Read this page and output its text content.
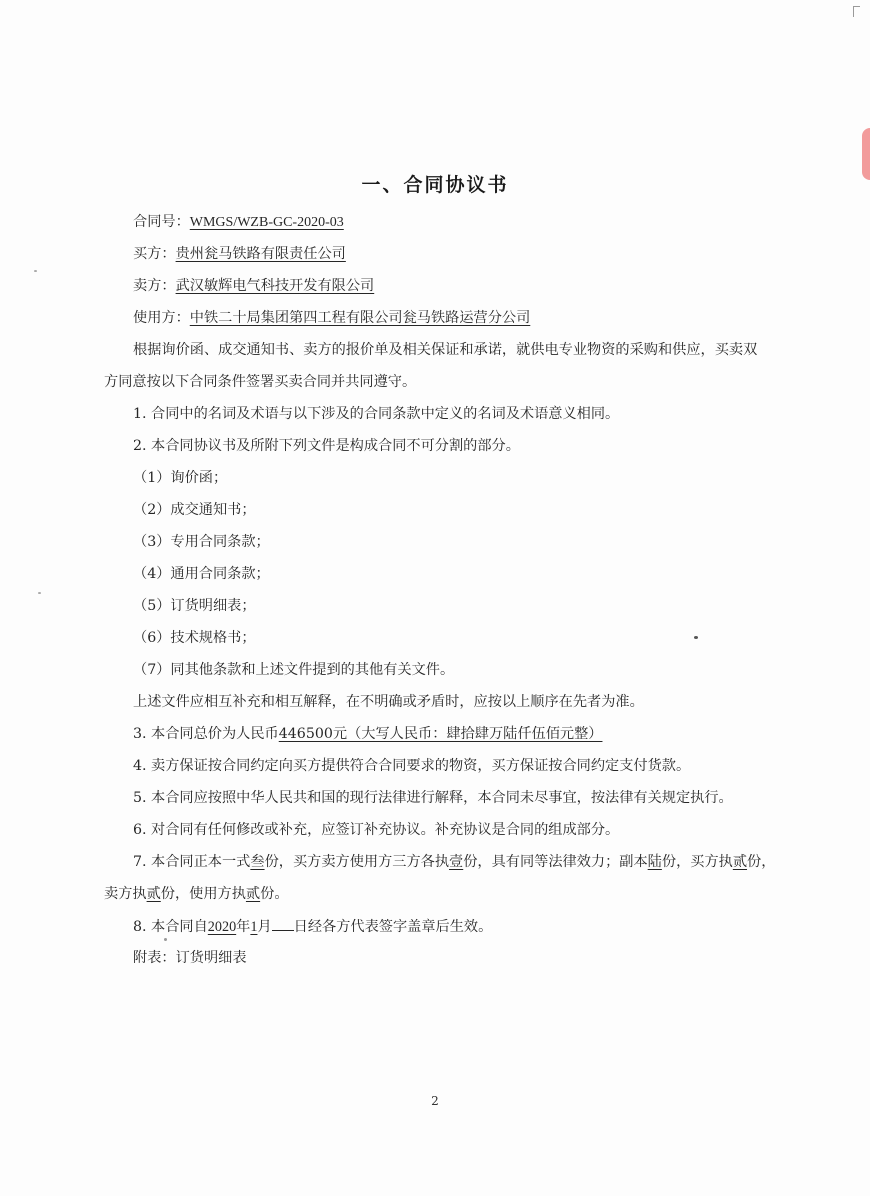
一、合同协议书
合同号：WMGS/WZB-GC-2020-03
买方：贵州瓮马铁路有限责任公司
卖方：武汉敏辉电气科技开发有限公司
使用方：中铁二十局集团第四工程有限公司瓮马铁路运营分公司
根据询价函、成交通知书、卖方的报价单及相关保证和承诺，就供电专业物资的采购和供应，买卖双
方同意按以下合同条件签署买卖合同并共同遵守。
1. 合同中的名词及术语与以下涉及的合同条款中定义的名词及术语意义相同。
2. 本合同协议书及所附下列文件是构成合同不可分割的部分。
（1）询价函；
（2）成交通知书；
（3）专用合同条款；
（4）通用合同条款；
（5）订货明细表；
（6）技术规格书；
（7）同其他条款和上述文件提到的其他有关文件。
上述文件应相互补充和相互解释，在不明确或矛盾时，应按以上顺序在先者为准。
3. 本合同总价为人民币446500元（大写人民币：肆拾肆万陆仟伍佰元整）
4. 卖方保证按合同约定向买方提供符合合同要求的物资，买方保证按合同约定支付货款。
5. 本合同应按照中华人民共和国的现行法律进行解释，本合同未尽事宜，按法律有关规定执行。
6. 对合同有任何修改或补充，应签订补充协议。补充协议是合同的组成部分。
7. 本合同正本一式叁份，买方卖方使用方三方各执壹份，具有同等法律效力；副本陆份，买方执贰份，
卖方执贰份，使用方执贰份。
8. 本合同自2020年1月 日经各方代表签字盖章后生效。
附表：订货明细表
2
